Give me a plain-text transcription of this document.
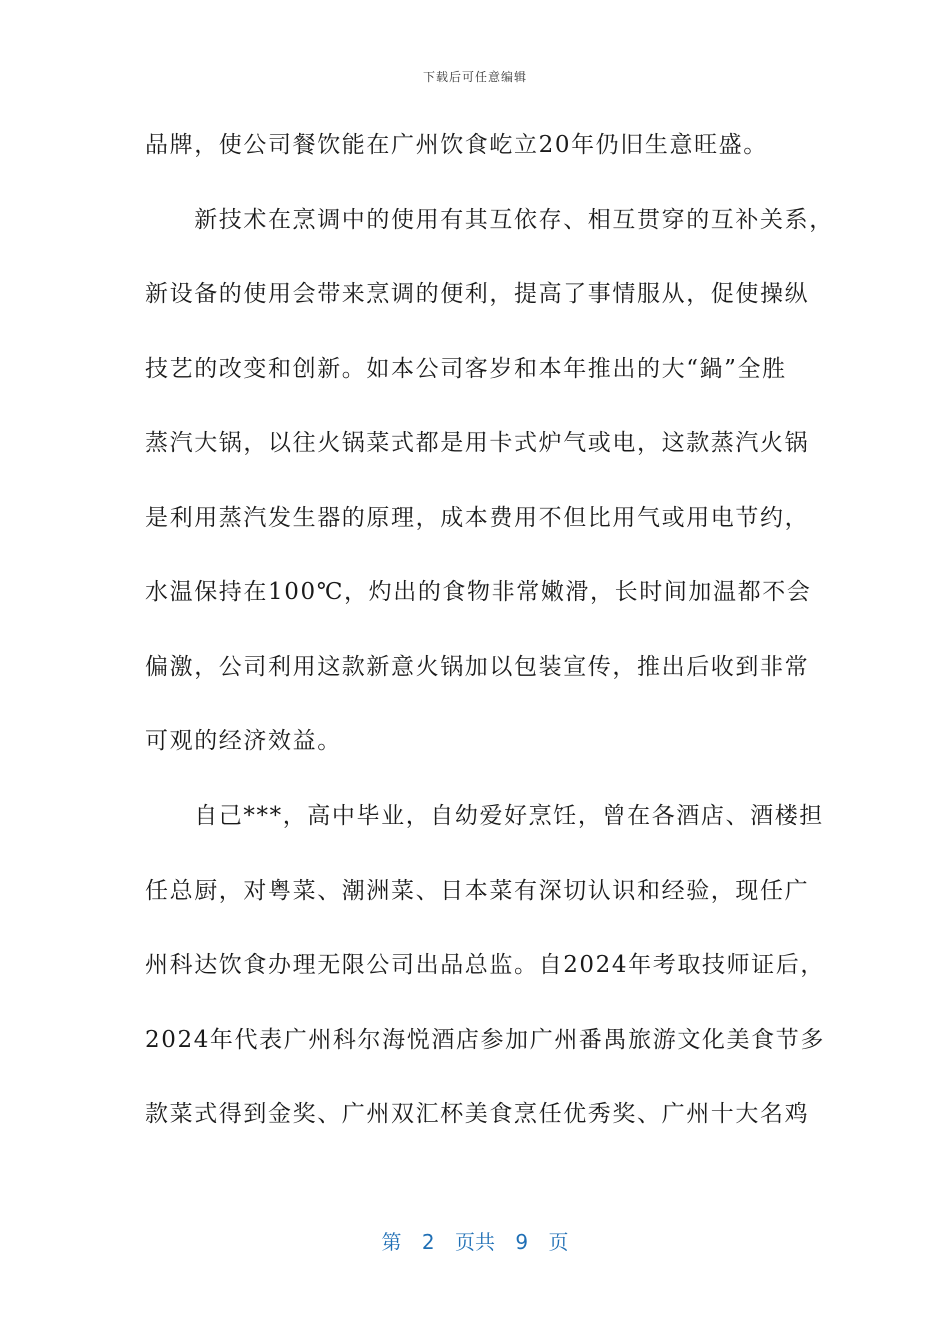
下载后可任意编辑
品牌，使公司餐饮能在广州饮食屹立20年仍旧生意旺盛。
　　新技术在烹调中的使用有其互依存、相互贯穿的互补关系，
新设备的使用会带来烹调的便利，提高了事情服从，促使操纵
技艺的改变和创新。如本公司客岁和本年推出的大“鍋”全胜
蒸汽大锅，以往火锅菜式都是用卡式炉气或电，这款蒸汽火锅
是利用蒸汽发生器的原理，成本费用不但比用气或用电节约，
水温保持在100℃，灼出的食物非常嫩滑，长时间加温都不会
偏激，公司利用这款新意火锅加以包装宣传，推出后收到非常
可观的经济效益。
　　自己***，高中毕业，自幼爱好烹饪，曾在各酒店、酒楼担
任总厨，对粤菜、潮洲菜、日本菜有深切认识和经验，现任广
州科达饮食办理无限公司出品总监。自2024年考取技师证后，
2024年代表广州科尔海悦酒店参加广州番禺旅游文化美食节多
款菜式得到金奖、广州双汇杯美食烹任优秀奖、广州十大名鸡
第 2 页共 9 页
